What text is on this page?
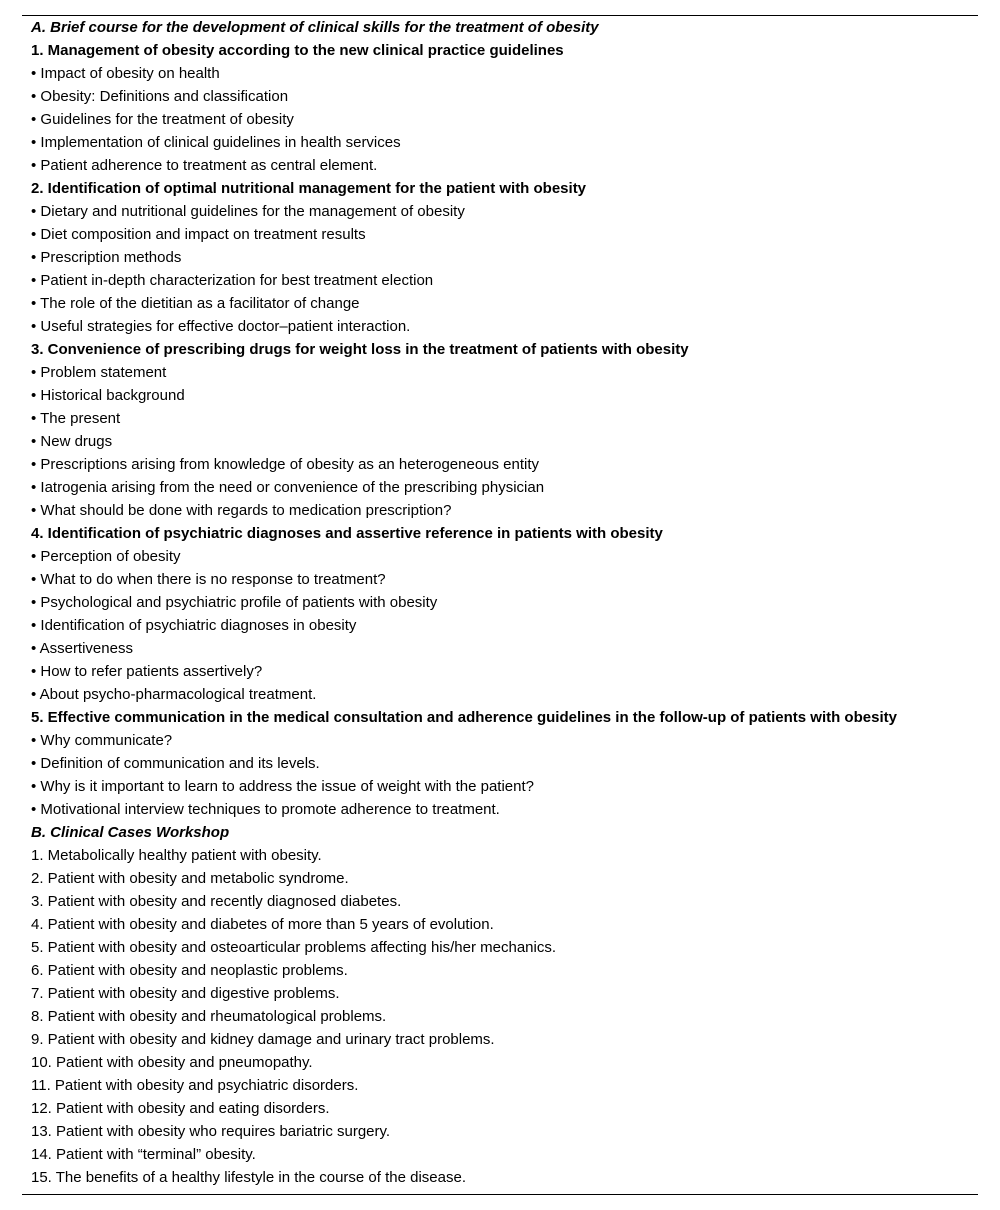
A. Brief course for the development of clinical skills for the treatment of obesity
1. Management of obesity according to the new clinical practice guidelines
• Impact of obesity on health
• Obesity: Definitions and classification
• Guidelines for the treatment of obesity
• Implementation of clinical guidelines in health services
• Patient adherence to treatment as central element.
2. Identification of optimal nutritional management for the patient with obesity
• Dietary and nutritional guidelines for the management of obesity
• Diet composition and impact on treatment results
• Prescription methods
• Patient in-depth characterization for best treatment election
• The role of the dietitian as a facilitator of change
• Useful strategies for effective doctor–patient interaction.
3. Convenience of prescribing drugs for weight loss in the treatment of patients with obesity
• Problem statement
• Historical background
• The present
• New drugs
• Prescriptions arising from knowledge of obesity as an heterogeneous entity
• Iatrogenia arising from the need or convenience of the prescribing physician
• What should be done with regards to medication prescription?
4. Identification of psychiatric diagnoses and assertive reference in patients with obesity
• Perception of obesity
• What to do when there is no response to treatment?
• Psychological and psychiatric profile of patients with obesity
• Identification of psychiatric diagnoses in obesity
• Assertiveness
• How to refer patients assertively?
• About psycho-pharmacological treatment.
5. Effective communication in the medical consultation and adherence guidelines in the follow-up of patients with obesity
• Why communicate?
• Definition of communication and its levels.
• Why is it important to learn to address the issue of weight with the patient?
• Motivational interview techniques to promote adherence to treatment.
B. Clinical Cases Workshop
1. Metabolically healthy patient with obesity.
2. Patient with obesity and metabolic syndrome.
3. Patient with obesity and recently diagnosed diabetes.
4. Patient with obesity and diabetes of more than 5 years of evolution.
5. Patient with obesity and osteoarticular problems affecting his/her mechanics.
6. Patient with obesity and neoplastic problems.
7. Patient with obesity and digestive problems.
8. Patient with obesity and rheumatological problems.
9. Patient with obesity and kidney damage and urinary tract problems.
10. Patient with obesity and pneumopathy.
11. Patient with obesity and psychiatric disorders.
12. Patient with obesity and eating disorders.
13. Patient with obesity who requires bariatric surgery.
14. Patient with “terminal” obesity.
15. The benefits of a healthy lifestyle in the course of the disease.
